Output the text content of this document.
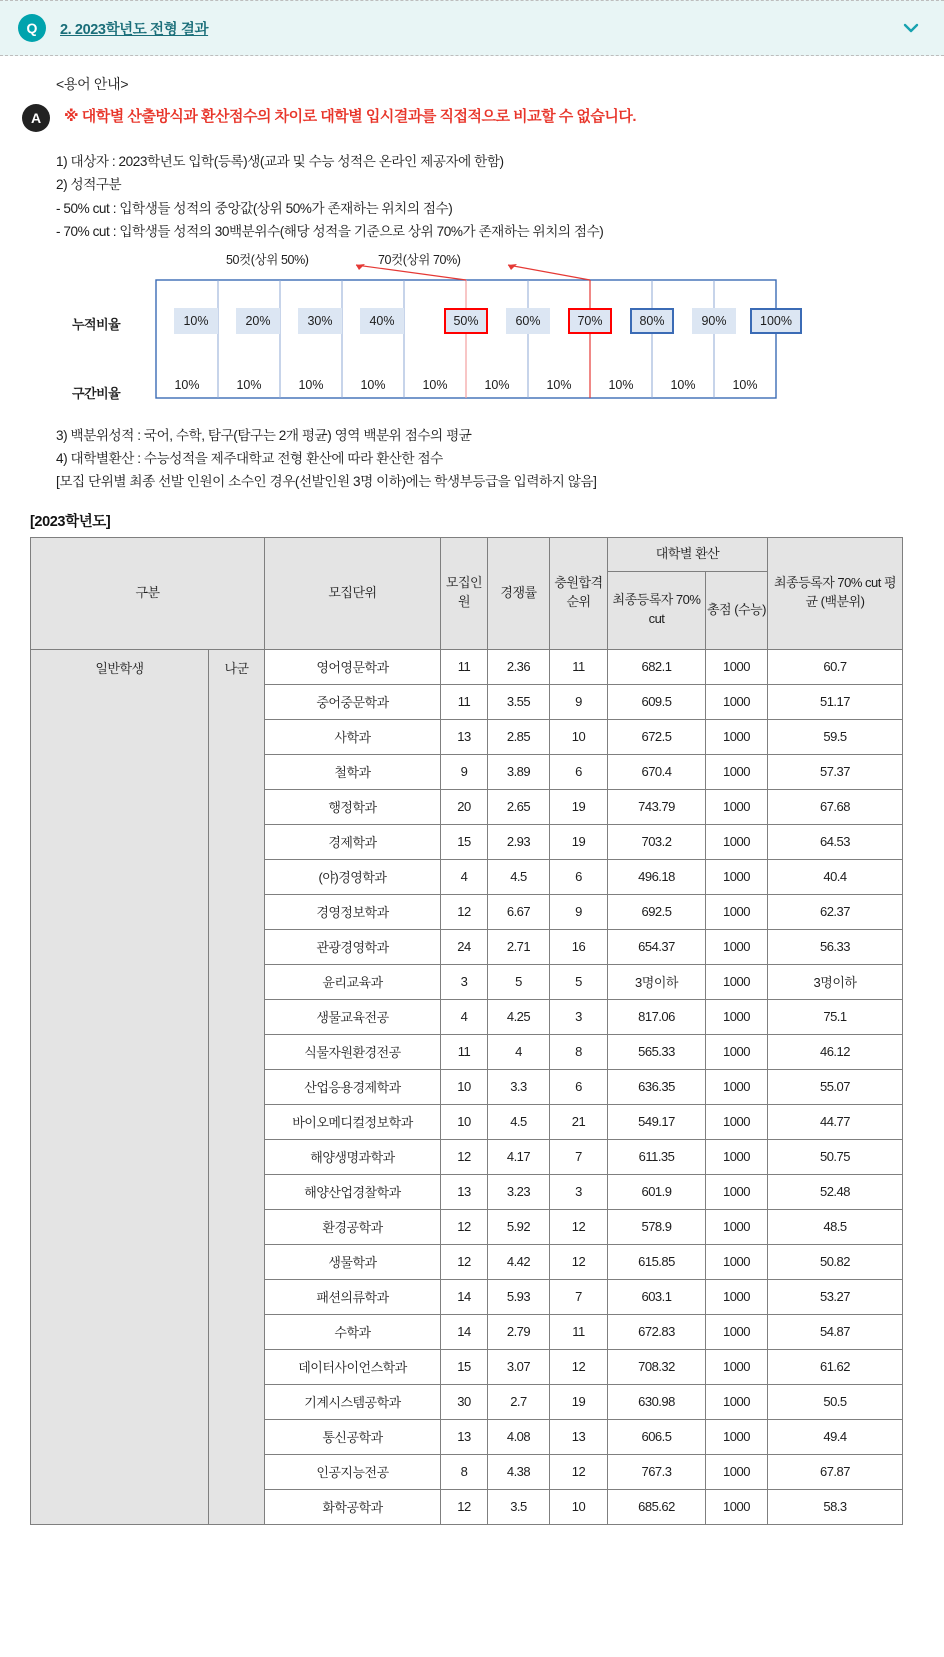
Q	2. 2023학년도 전형 결과
<용어 안내>
A	※ 대학별 산출방식과 환산점수의 차이로 대학별 입시결과를 직접적으로 비교할 수 없습니다.
1) 대상자 : 2023학년도 입학(등록)생(교과 및 수능 성적은 온라인 제공자에 한함)
2) 성적구분
- 50% cut : 입학생들 성적의 중앙값(상위 50%가 존재하는 위치의 점수)
- 70% cut : 입학생들 성적의 30백분위수(해당 성적을 기준으로 상위 70%가 존재하는 위치의 점수)
50컷(상위 50%)	70컷(상위 70%)
누적비율
구간비율
10%	20%	30%	40%	50%	60%	70%	80%	90%	100%
10%	10%	10%	10%	10%	10%	10%	10%	10%	10%
3) 백분위성적 : 국어, 수학, 탐구(탐구는 2개 평균) 영역 백분위 점수의 평균
4) 대학별환산 : 수능성적을 제주대학교 전형 환산에 따라 환산한 점수
[모집 단위별 최종 선발 인원이 소수인 경우(선발인원 3명 이하)에는 학생부등급을 입력하지 않음]
[2023학년도]
구분		모집단위	모집인원	경쟁률	충원합격순위	대학별 환산		최종등록자 70% cut 평균 (백분위)
						최종등록자 70% cut	총점 (수능)	
일반학생	나군	영어영문학과	11	2.36	11	682.1	1000	60.7
		중어중문학과	11	3.55	9	609.5	1000	51.17
		사학과	13	2.85	10	672.5	1000	59.5
		철학과	9	3.89	6	670.4	1000	57.37
		행정학과	20	2.65	19	743.79	1000	67.68
		경제학과	15	2.93	19	703.2	1000	64.53
		(야)경영학과	4	4.5	6	496.18	1000	40.4
		경영정보학과	12	6.67	9	692.5	1000	62.37
		관광경영학과	24	2.71	16	654.37	1000	56.33
		윤리교육과	3	5	5	3명이하	1000	3명이하
		생물교육전공	4	4.25	3	817.06	1000	75.1
		식물자원환경전공	11	4	8	565.33	1000	46.12
		산업응용경제학과	10	3.3	6	636.35	1000	55.07
		바이오메디컬정보학과	10	4.5	21	549.17	1000	44.77
		해양생명과학과	12	4.17	7	611.35	1000	50.75
		해양산업경찰학과	13	3.23	3	601.9	1000	52.48
		환경공학과	12	5.92	12	578.9	1000	48.5
		생물학과	12	4.42	12	615.85	1000	50.82
		패션의류학과	14	5.93	7	603.1	1000	53.27
		수학과	14	2.79	11	672.83	1000	54.87
		데이터사이언스학과	15	3.07	12	708.32	1000	61.62
		기계시스템공학과	30	2.7	19	630.98	1000	50.5
		통신공학과	13	4.08	13	606.5	1000	49.4
		인공지능전공	8	4.38	12	767.3	1000	67.87
		화학공학과	12	3.5	10	685.62	1000	58.3
